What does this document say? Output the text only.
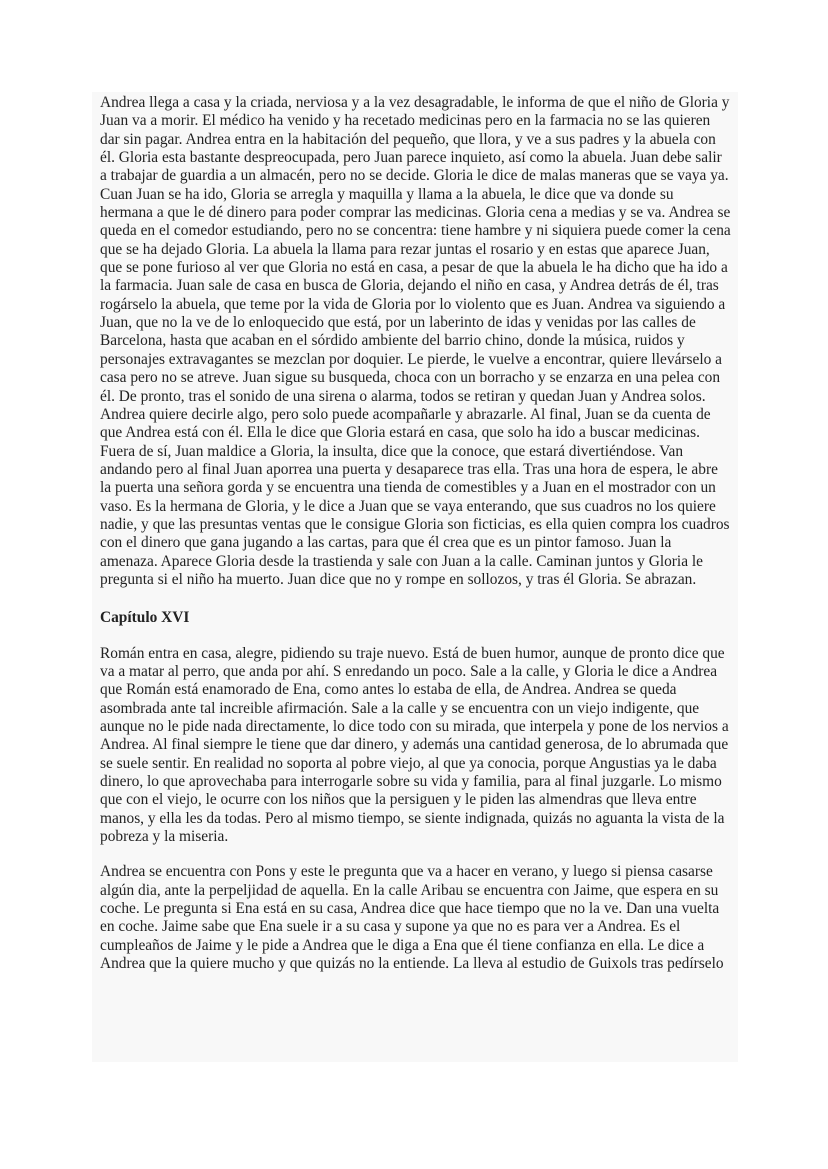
Andrea llega a casa y la criada, nerviosa y a la vez desagradable, le informa de que el niño de Gloria y
Juan va a morir. El médico ha venido y ha recetado medicinas pero en la farmacia no se las quieren
dar sin pagar. Andrea entra en la habitación del pequeño, que llora, y ve a sus padres y la abuela con
él. Gloria esta bastante despreocupada, pero Juan parece inquieto, así como la abuela. Juan debe salir
a trabajar de guardia a un almacén, pero no se decide. Gloria le dice de malas maneras que se vaya ya.
Cuan Juan se ha ido, Gloria se arregla y maquilla y llama a la abuela, le dice que va donde su
hermana a que le dé dinero para poder comprar las medicinas. Gloria cena a medias y se va. Andrea se
queda en el comedor estudiando, pero no se concentra: tiene hambre y ni siquiera puede comer la cena
que se ha dejado Gloria. La abuela la llama para rezar juntas el rosario y en estas que aparece Juan,
que se pone furioso al ver que Gloria no está en casa, a pesar de que la abuela le ha dicho que ha ido a
la farmacia. Juan sale de casa en busca de Gloria, dejando el niño en casa, y Andrea detrás de él, tras
rogárselo la abuela, que teme por la vida de Gloria por lo violento que es Juan. Andrea va siguiendo a
Juan, que no la ve de lo enloquecido que está, por un laberinto de idas y venidas por las calles de
Barcelona, hasta que acaban en el sórdido ambiente del barrio chino, donde la música, ruidos y
personajes extravagantes se mezclan por doquier. Le pierde, le vuelve a encontrar, quiere llevárselo a
casa pero no se atreve. Juan sigue su busqueda, choca con un borracho y se enzarza en una pelea con
él. De pronto, tras el sonido de una sirena o alarma, todos se retiran y quedan Juan y Andrea solos.
Andrea quiere decirle algo, pero solo puede acompañarle y abrazarle. Al final, Juan se da cuenta de
que Andrea está con él. Ella le dice que Gloria estará en casa, que solo ha ido a buscar medicinas.
Fuera de sí, Juan maldice a Gloria, la insulta, dice que la conoce, que estará divertiéndose. Van
andando pero al final Juan aporrea una puerta y desaparece tras ella. Tras una hora de espera, le abre
la puerta una señora gorda y se encuentra una tienda de comestibles y a Juan en el mostrador con un
vaso. Es la hermana de Gloria, y le dice a Juan que se vaya enterando, que sus cuadros no los quiere
nadie, y que las presuntas ventas que le consigue Gloria son ficticias, es ella quien compra los cuadros
con el dinero que gana jugando a las cartas, para que él crea que es un pintor famoso. Juan la
amenaza. Aparece Gloria desde la trastienda y sale con Juan a la calle. Caminan juntos y Gloria le
pregunta si el niño ha muerto. Juan dice que no y rompe en sollozos, y tras él Gloria. Se abrazan.

Capítulo XVI

Román entra en casa, alegre, pidiendo su traje nuevo. Está de buen humor, aunque de pronto dice que
va a matar al perro, que anda por ahí. S enredando un poco. Sale a la calle, y Gloria le dice a Andrea
que Román está enamorado de Ena, como antes lo estaba de ella, de Andrea. Andrea se queda
asombrada ante tal increible afirmación. Sale a la calle y se encuentra con un viejo indigente, que
aunque no le pide nada directamente, lo dice todo con su mirada, que interpela y pone de los nervios a
Andrea. Al final siempre le tiene que dar dinero, y además una cantidad generosa, de lo abrumada que
se suele sentir. En realidad no soporta al pobre viejo, al que ya conocia, porque Angustias ya le daba
dinero, lo que aprovechaba para interrogarle sobre su vida y familia, para al final juzgarle. Lo mismo
que con el viejo, le ocurre con los niños que la persiguen y le piden las almendras que lleva entre
manos, y ella les da todas. Pero al mismo tiempo, se siente indignada, quizás no aguanta la vista de la
pobreza y la miseria.

Andrea se encuentra con Pons y este le pregunta que va a hacer en verano, y luego si piensa casarse
algún dia, ante la perpeljidad de aquella. En la calle Aribau se encuentra con Jaime, que espera en su
coche. Le pregunta si Ena está en su casa, Andrea dice que hace tiempo que no la ve. Dan una vuelta
en coche. Jaime sabe que Ena suele ir a su casa y supone ya que no es para ver a Andrea. Es el
cumpleaños de Jaime y le pide a Andrea que le diga a Ena que él tiene confianza en ella. Le dice a
Andrea que la quiere mucho y que quizás no la entiende. La lleva al estudio de Guixols tras pedírselo
